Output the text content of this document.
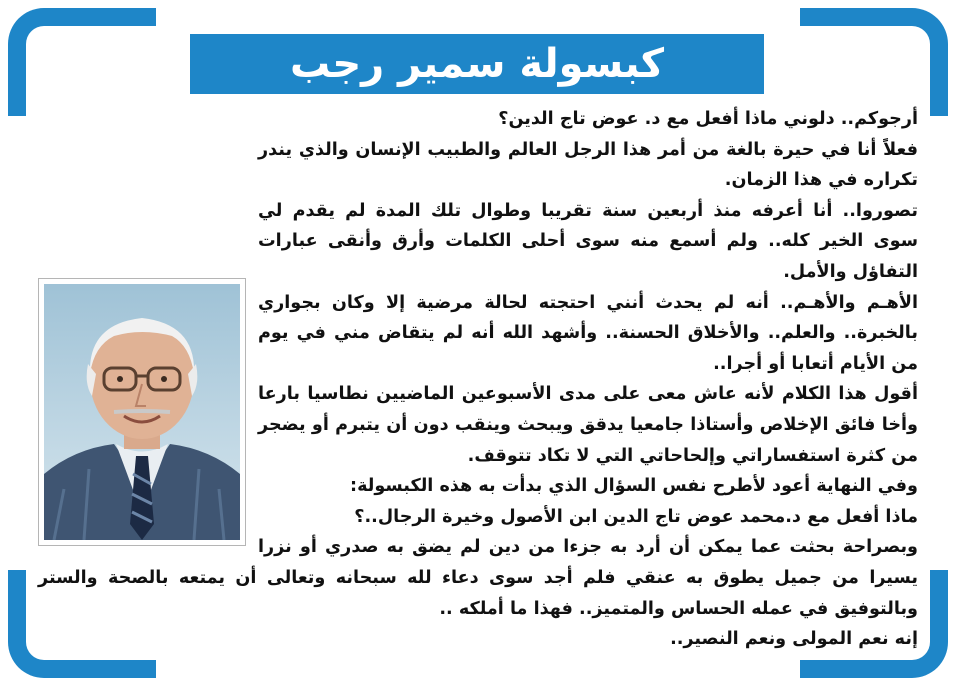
كبسولة سمير رجب

أرجوكم.. دلوني ماذا أفعل مع د. عوض تاج الدين؟

فعلاً أنا في حيرة بالغة من أمر هذا الرجل العالم والطبيب الإنسان والذي يندر تكراره في هذا الزمان.

تصوروا.. أنا أعرفه منذ أربعين سنة تقريبا وطوال تلك المدة لم يقدم لي سوى الخير كله.. ولم أسمع منه سوى أحلى الكلمات وأرق وأنقى عبارات التفاؤل والأمل.

الأهـم والأهـم.. أنه لم يحدث أنني احتجته لحالة مرضية إلا وكان بجواري بالخبرة.. والعلم.. والأخلاق الحسنة.. وأشهد الله أنه لم يتقاض مني في يوم من الأيام أتعابا أو أجرا..

أقول هذا الكلام لأنه عاش معى على مدى الأسبوعين الماضيين نطاسيا بارعا وأخا فائق الإخلاص وأستاذا جامعيا يدقق ويبحث وينقب دون أن يتبرم أو يضجر من كثرة استفساراتي وإلحاحاتي التي لا تكاد تتوقف.

وفي النهاية أعود لأطرح نفس السؤال الذي بدأت به هذه الكبسولة:

ماذا أفعل مع د.محمد عوض تاج الدين ابن الأصول وخيرة الرجال..؟

وبصراحة بحثت عما يمكن أن أرد به جزءا من دين لم يضق به صدري أو نزرا يسيرا من جميل يطوق به عنقي فلم أجد سوى دعاء لله سبحانه وتعالى أن يمتعه بالصحة والستر وبالتوفيق في عمله الحساس والمتميز.. فهذا ما أملكه ..

إنه نعم المولى ونعم النصير..
